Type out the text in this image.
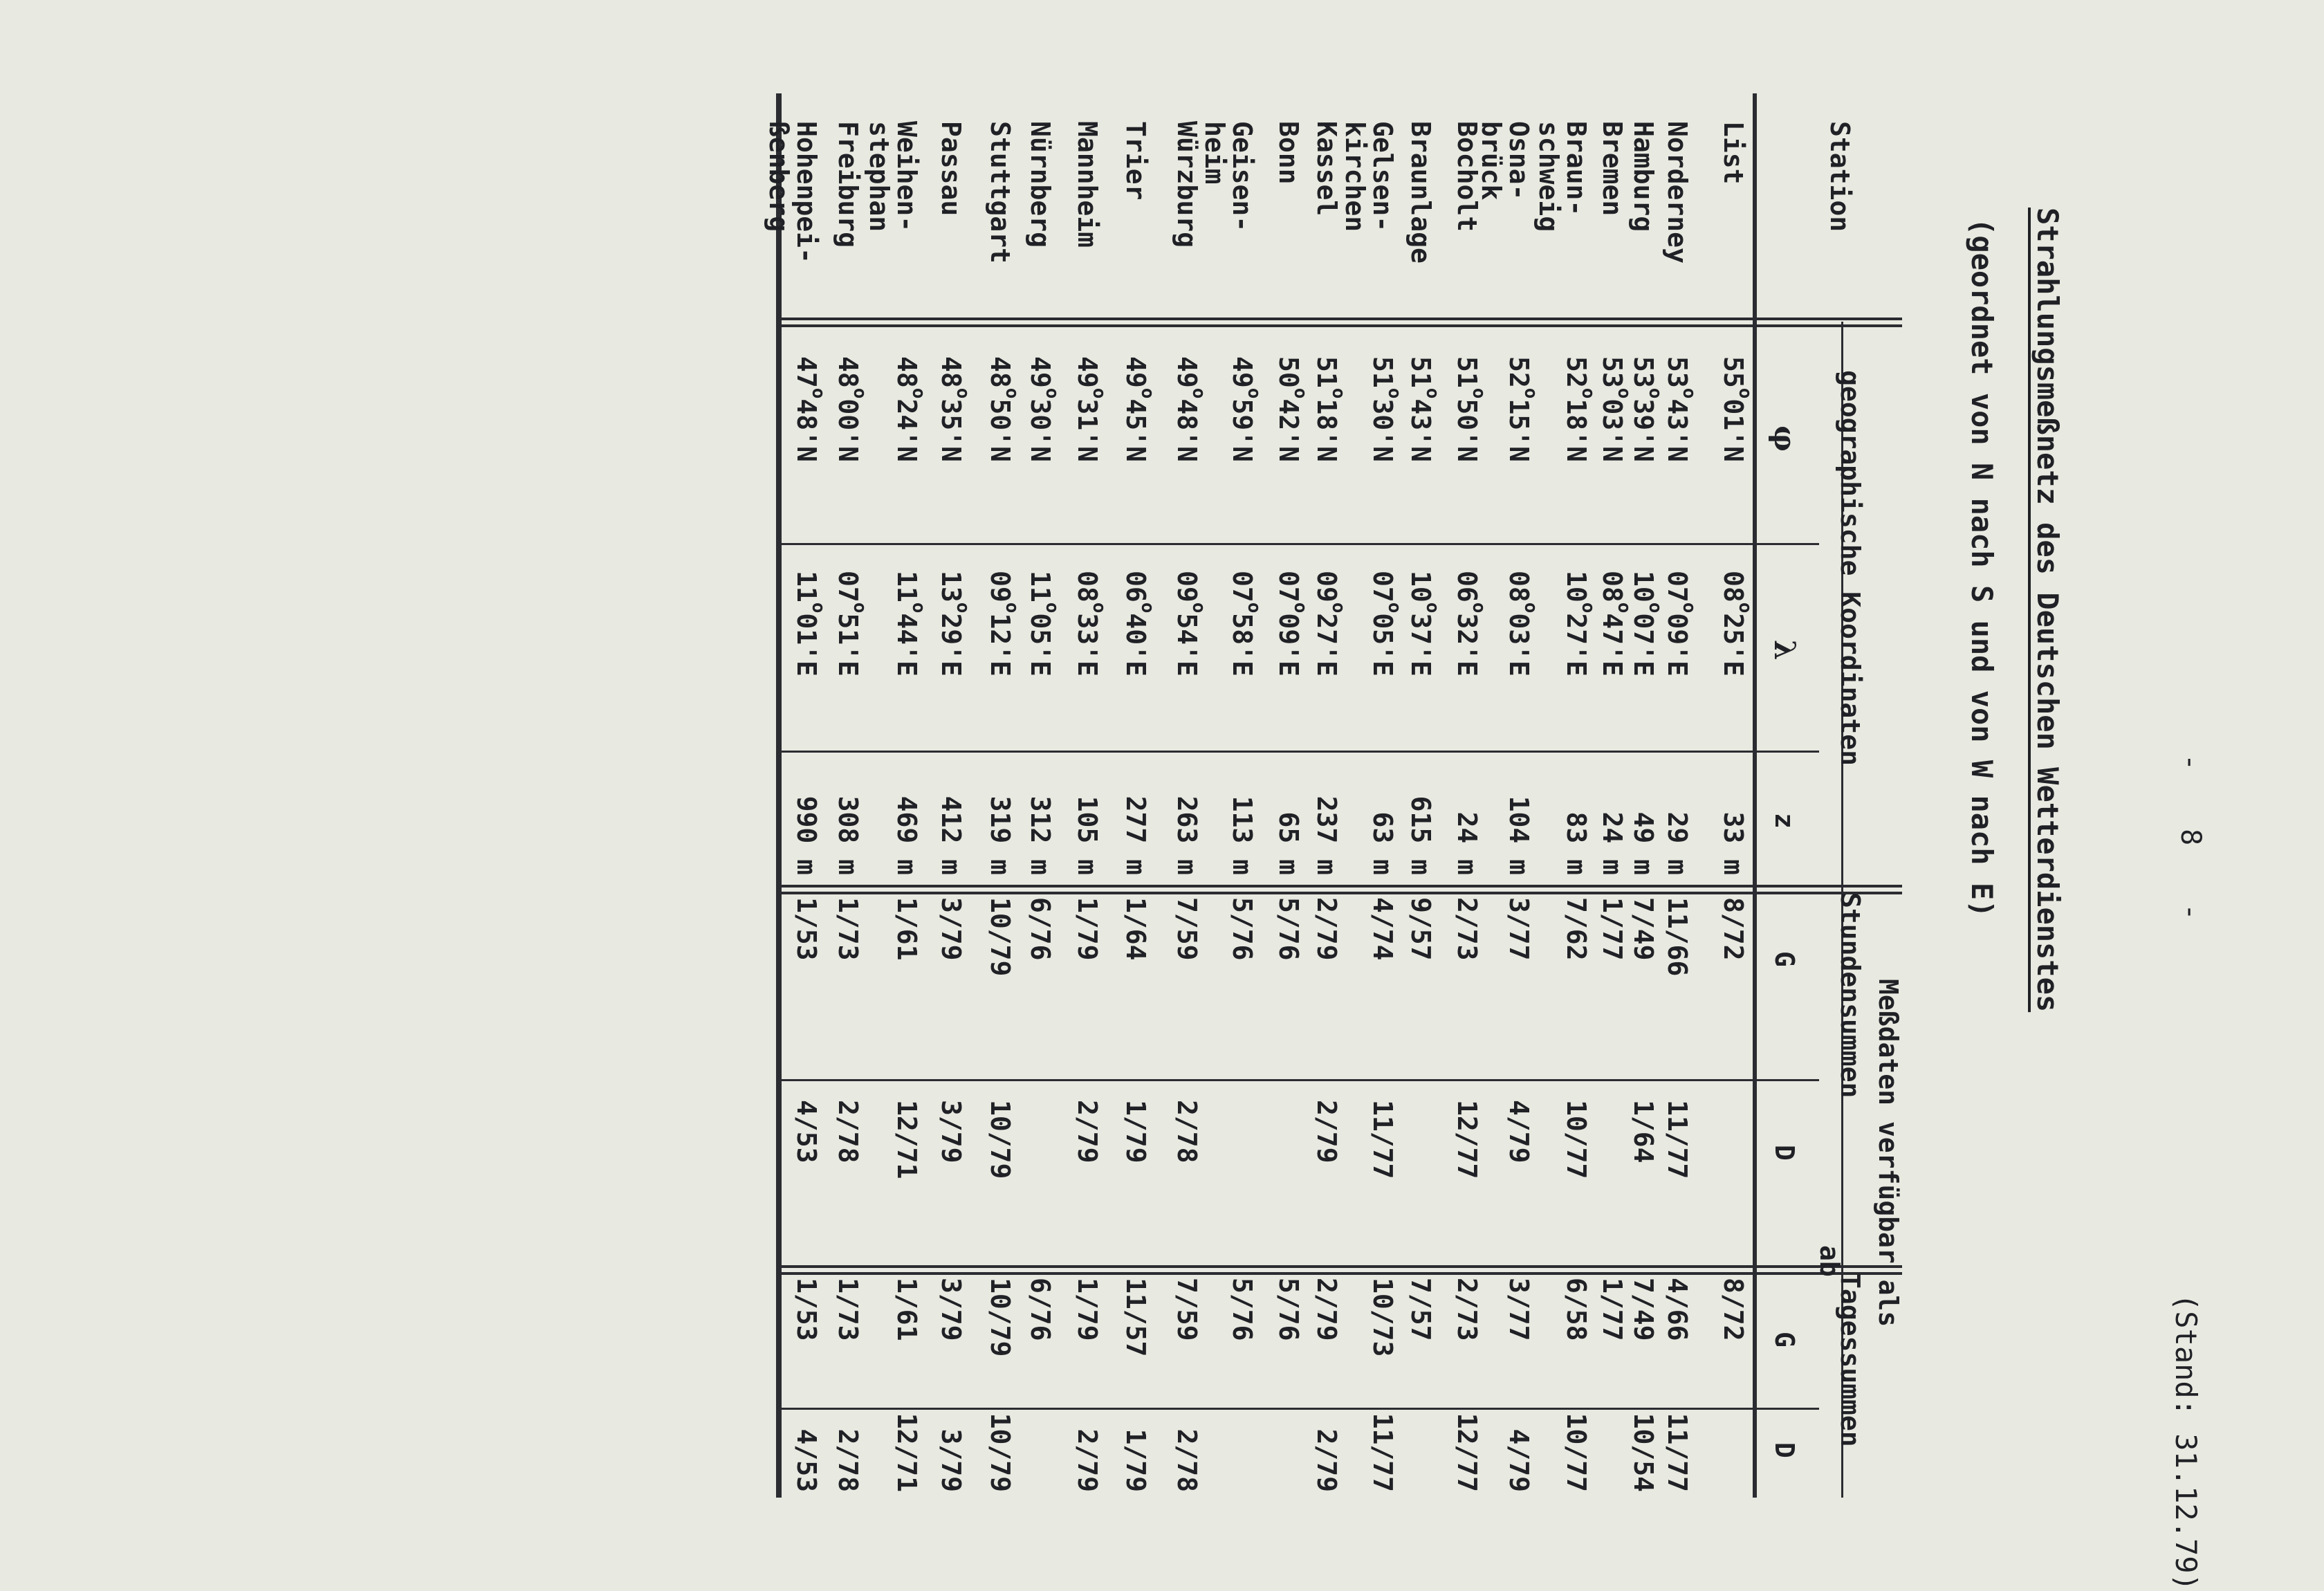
- 8 -
(Stand: 31.12.79)
Strahlungsmeßnetz des Deutschen Wetterdienstes
(geordnet von N nach S und von W nach E)
Station
geographische Koordinaten
φ
λ
z
Meßdaten verfügbar als
Stundensummen
ab
Tagessummen
G
D
G
D
List
55$^o$01'N
08$^o$25'E
33 m
8/72
8/72
Norderney
53$^o$43'N
07$^o$09'E
29 m
11/66
11/77
4/66
11/77
Hamburg
53$^o$39'N
10$^o$07'E
49 m
7/49
1/64
7/49
10/54
Bremen
53$^o$03'N
08$^o$47'E
24 m
1/77
1/77
Braun-
schweig
52$^o$18'N
10$^o$27'E
83 m
7/62
10/77
6/58
10/77
Osna-
brück
52$^o$15'N
08$^o$03'E
104 m
3/77
4/79
3/77
4/79
Bocholt
51$^o$50'N
06$^o$32'E
24 m
2/73
12/77
2/73
12/77
Braunlage
51$^o$43'N
10$^o$37'E
615 m
9/57
7/57
Gelsen-
kirchen
51$^o$30'N
07$^o$05'E
63 m
4/74
11/77
10/73
11/77
Kassel
51$^o$18'N
09$^o$27'E
237 m
2/79
2/79
2/79
2/79
Bonn
50$^o$42'N
07$^o$09'E
65 m
5/76
5/76
Geisen-
heim
49$^o$59'N
07$^o$58'E
113 m
5/76
5/76
Würzburg
49$^o$48'N
09$^o$54'E
263 m
7/59
2/78
7/59
2/78
Trier
49$^o$45'N
06$^o$40'E
277 m
1/64
1/79
11/57
1/79
Mannheim
49$^o$31'N
08$^o$33'E
105 m
1/79
2/79
1/79
2/79
Nürnberg
49$^o$30'N
11$^o$05'E
312 m
6/76
6/76
Stuttgart
48$^o$50'N
09$^o$12'E
319 m
10/79
10/79
10/79
10/79
Passau
48$^o$35'N
13$^o$29'E
412 m
3/79
3/79
3/79
3/79
Weihen-
stephan
48$^o$24'N
11$^o$44'E
469 m
1/61
12/71
1/61
12/71
Freiburg
48$^o$00'N
07$^o$51'E
308 m
1/73
2/78
1/73
2/78
Hohenpei-
ßenberg
47$^o$48'N
11$^o$01'E
990 m
1/53
4/53
1/53
4/53
